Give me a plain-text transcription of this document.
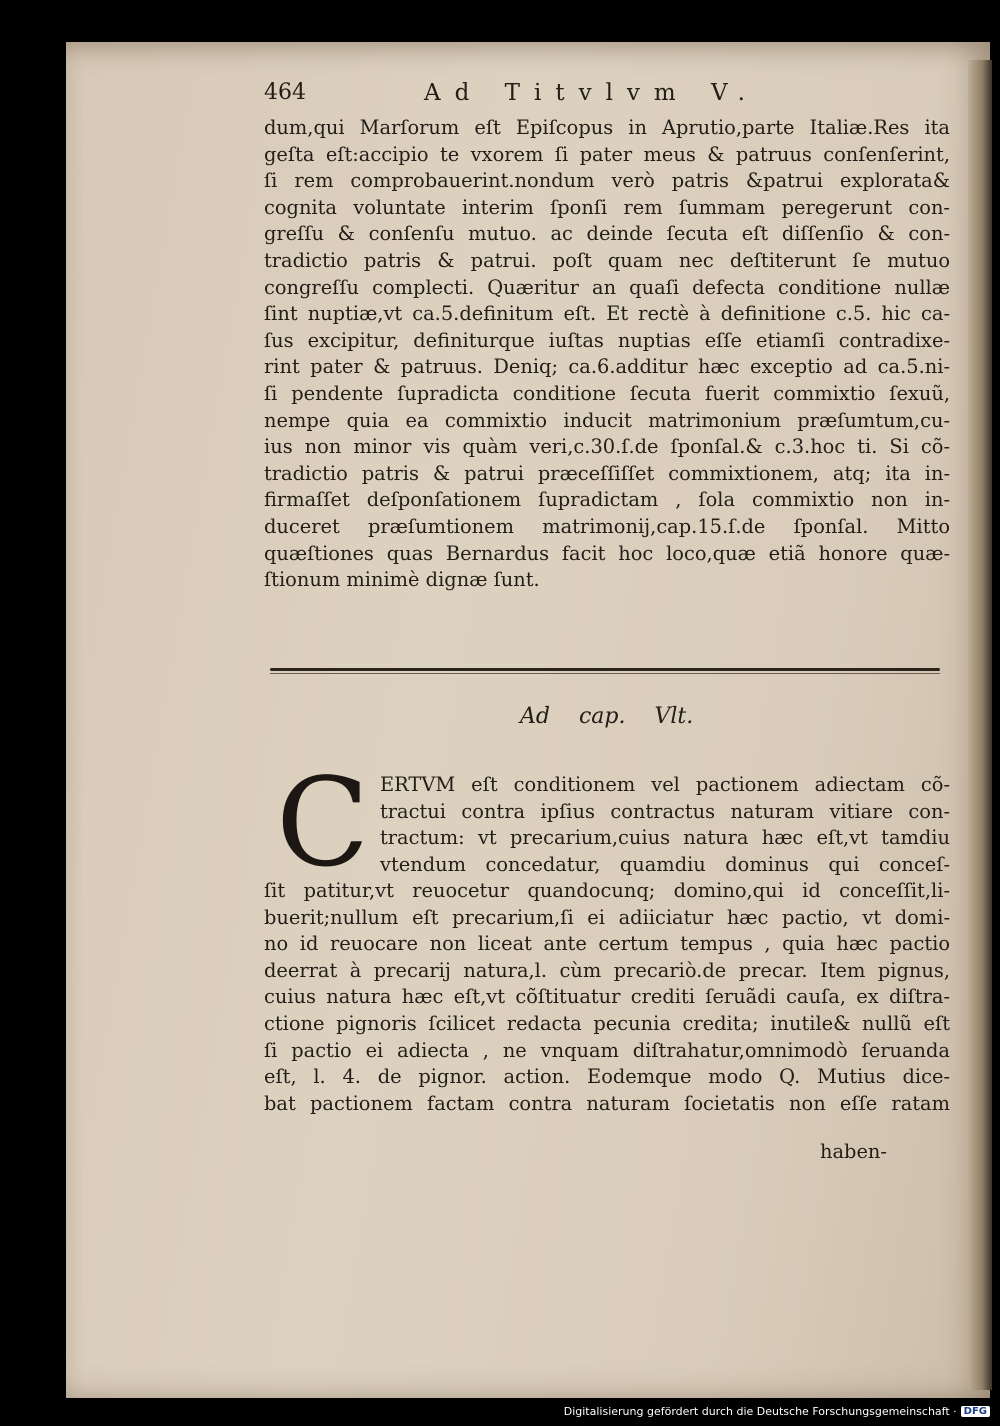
464	Ad Titvlvm V.
dum,qui Marſorum eſt Epiſcopus in Aprutio,parte Italiæ.Res ita
geſta eſt:accipio te vxorem ſi pater meus & patruus conſenſerint,
ſi rem comprobauerint.nondum verò patris &patrui explorata&
cognita voluntate interim ſponſi rem ſummam peregerunt con-
greſſu & conſenſu mutuo. ac deinde ſecuta eſt diſſenſio & con-
tradictio patris & patrui. poſt quam nec deſtiterunt ſe mutuo
congreſſu complecti. Quæritur an quaſi defecta conditione nullæ
ſint nuptiæ,vt ca.5.definitum eſt. Et rectè à definitione c.5. hic ca-
ſus excipitur, definiturque iuſtas nuptias eſſe etiamſi contradixe-
rint pater & patruus. Deniq; ca.6.additur hæc exceptio ad ca.5.ni-
ſi pendente ſupradicta conditione ſecuta fuerit commixtio ſexuũ,
nempe quia ea commixtio inducit matrimonium præſumtum,cu-
ius non minor vis quàm veri,c.30.ſ.de ſponſal.& c.3.hoc ti. Si cõ-
tradictio patris & patrui præceſſiſſet commixtionem, atq; ita in-
firmaſſet deſponſationem ſupradictam , ſola commixtio non in-
duceret præſumtionem matrimonij,cap.15.ſ.de ſponſal. Mitto
quæſtiones quas Bernardus facit hoc loco,quæ etiã honore quæ-
ſtionum minimè dignæ ſunt.
Ad cap. Vlt.
C ERTVM eſt conditionem vel pactionem adiectam cõ-
tractui contra ipſius contractus naturam vitiare con-
tractum: vt precarium,cuius natura hæc eſt,vt tamdiu
vtendum concedatur, quamdiu dominus qui conceſ-
ſit patitur,vt reuocetur quandocunq; domino,qui id conceſſit,li-
buerit;nullum eſt precarium,ſi ei adiiciatur hæc pactio, vt domi-
no id reuocare non liceat ante certum tempus , quia hæc pactio
deerrat à precarij natura,l. cùm precariò.de precar. Item pignus,
cuius natura hæc eſt,vt cõſtituatur crediti ſeruãdi cauſa, ex diſtra-
ctione pignoris ſcilicet redacta pecunia credita; inutile& nullũ eſt
ſi pactio ei adiecta , ne vnquam diſtrahatur,omnimodò ſeruanda
eſt, l. 4. de pignor. action. Eodemque modo Q. Mutius dice-
bat pactionem factam contra naturam ſocietatis non eſſe ratam
haben-
Digitalisierung gefördert durch die Deutsche Forschungsgemeinschaft · DFG
